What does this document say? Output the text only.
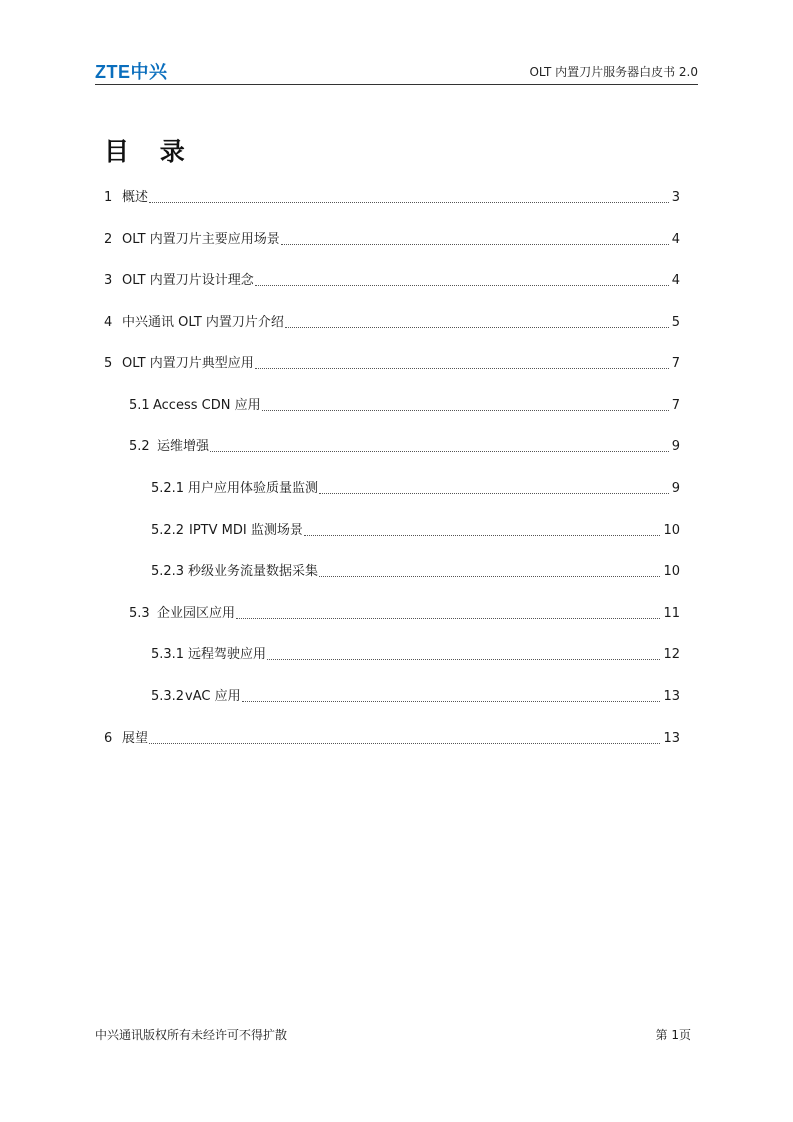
ZTE中兴	OLT 内置刀片服务器白皮书 2.0
目 录
1 概述	3
2 OLT 内置刀片主要应用场景	4
3 OLT 内置刀片设计理念	4
4 中兴通讯 OLT 内置刀片介绍	5
5 OLT 内置刀片典型应用	7
5.1 Access CDN 应用	7
5.2 运维增强	9
5.2.1 用户应用体验质量监测	9
5.2.2 IPTV MDI 监测场景	10
5.2.3 秒级业务流量数据采集	10
5.3 企业园区应用	11
5.3.1 远程驾驶应用	12
5.3.2 vAC 应用	13
6 展望	13
中兴通讯版权所有未经许可不得扩散	第 1页
